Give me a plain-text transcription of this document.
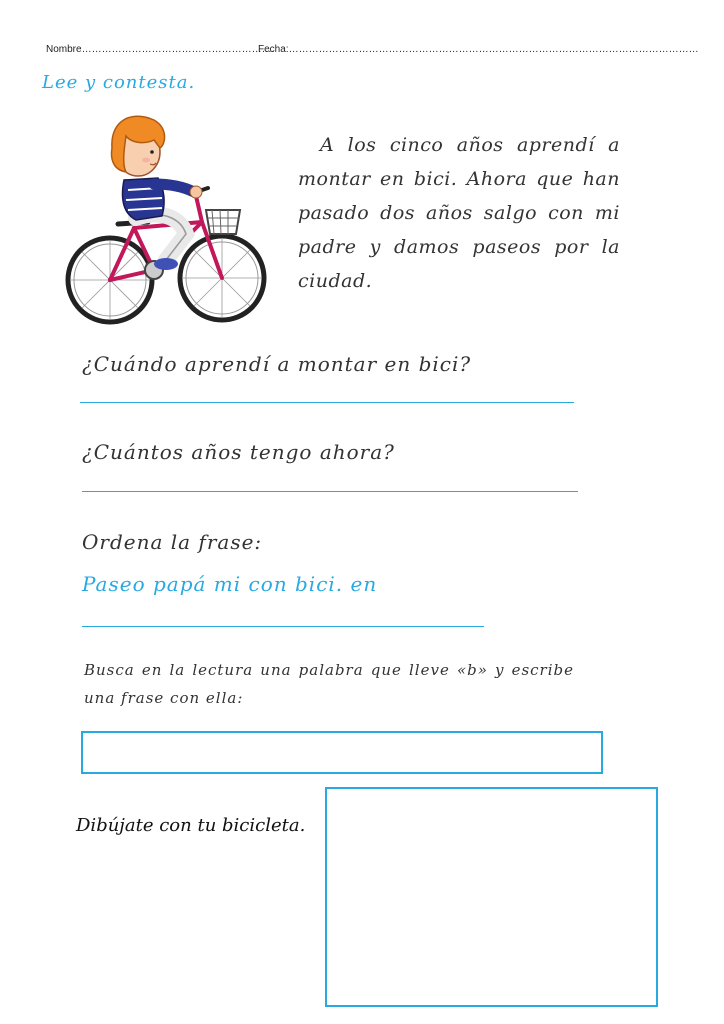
Nombre………………………………………………….
Fecha:……………………………………………………………………………………………………………
Lee y contesta.
A los cinco años aprendí a montar en bici. Ahora que han pasado dos años salgo con mi padre y damos paseos por la ciudad.
¿Cuándo aprendí a montar en bici?
¿Cuántos años tengo ahora?
Ordena la frase:
Paseo papá mi con bici. en
Busca en la lectura una palabra que lleve «b» y escribe una frase con ella:
Dibújate con tu bicicleta.
